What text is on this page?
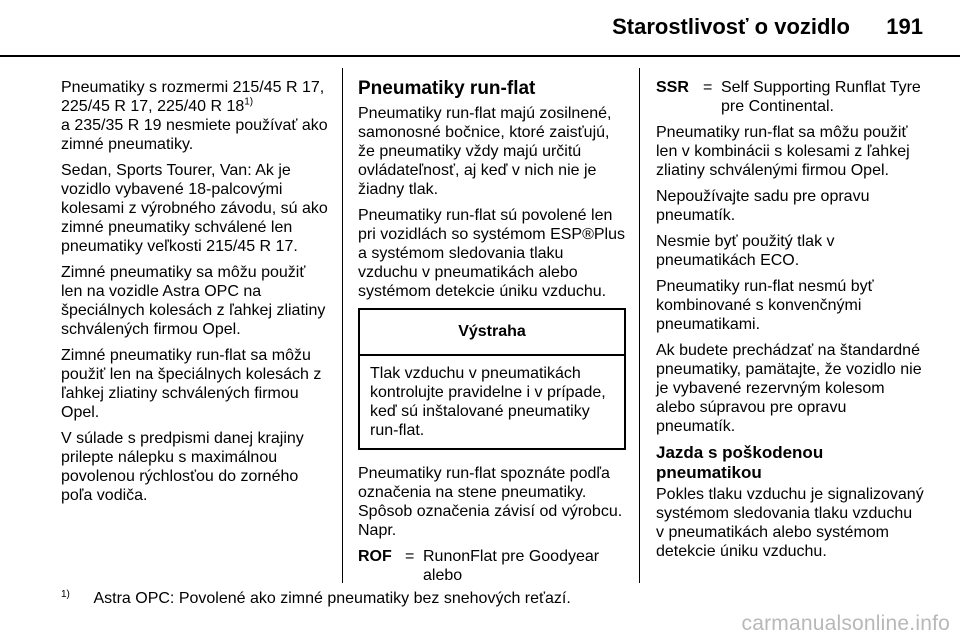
Starostlivosť o vozidlo 191

Pneumatiky s rozmermi 215/45 R 17, 225/45 R 17, 225/40 R 18$^{1)}$
a 235/35 R 19 nesmiete používať ako zimné pneumatiky.

Sedan, Sports Tourer, Van: Ak je vozidlo vybavené 18-palcovými kolesami z výrobného závodu, sú ako zimné pneumatiky schválené len pneumatiky veľkosti 215/45 R 17.

Zimné pneumatiky sa môžu použiť len na vozidle Astra OPC na špeciálnych kolesách z ľahkej zliatiny schválených firmou Opel.

Zimné pneumatiky run-flat sa môžu použiť len na špeciálnych kolesách z ľahkej zliatiny schválených firmou Opel.

V súlade s predpismi danej krajiny prilepte nálepku s maximálnou povolenou rýchlosťou do zorného poľa vodiča.

Pneumatiky run-flat

Pneumatiky run-flat majú zosilnené, samonosné bočnice, ktoré zaisťujú, že pneumatiky vždy majú určitú ovládateľnosť, aj keď v nich nie je žiadny tlak.

Pneumatiky run-flat sú povolené len pri vozidlách so systémom ESP®Plus a systémom sledovania tlaku vzduchu v pneumatikách alebo systémom detekcie úniku vzduchu.

Výstraha
Tlak vzduchu v pneumatikách kontrolujte pravidelne i v prípade, keď sú inštalované pneumatiky run-flat.

Pneumatiky run-flat spoznáte podľa označenia na stene pneumatiky. Spôsob označenia závisí od výrobcu. Napr.

ROF = RunonFlat pre Goodyear alebo
SSR = Self Supporting Runflat Tyre pre Continental.

Pneumatiky run-flat sa môžu použiť len v kombinácii s kolesami z ľahkej zliatiny schválenými firmou Opel.

Nepoužívajte sadu pre opravu pneumatík.

Nesmie byť použitý tlak v pneumatikách ECO.

Pneumatiky run-flat nesmú byť kombinované s konvenčnými pneumatikami.

Ak budete prechádzať na štandardné pneumatiky, pamätajte, že vozidlo nie je vybavené rezervným kolesom alebo súpravou pre opravu pneumatík.

Jazda s poškodenou pneumatikou

Pokles tlaku vzduchu je signalizovaný systémom sledovania tlaku vzduchu v pneumatikách alebo systémom detekcie úniku vzduchu.

$^{1)}$ Astra OPC: Povolené ako zimné pneumatiky bez snehových reťazí.
carmanualsonline.info
